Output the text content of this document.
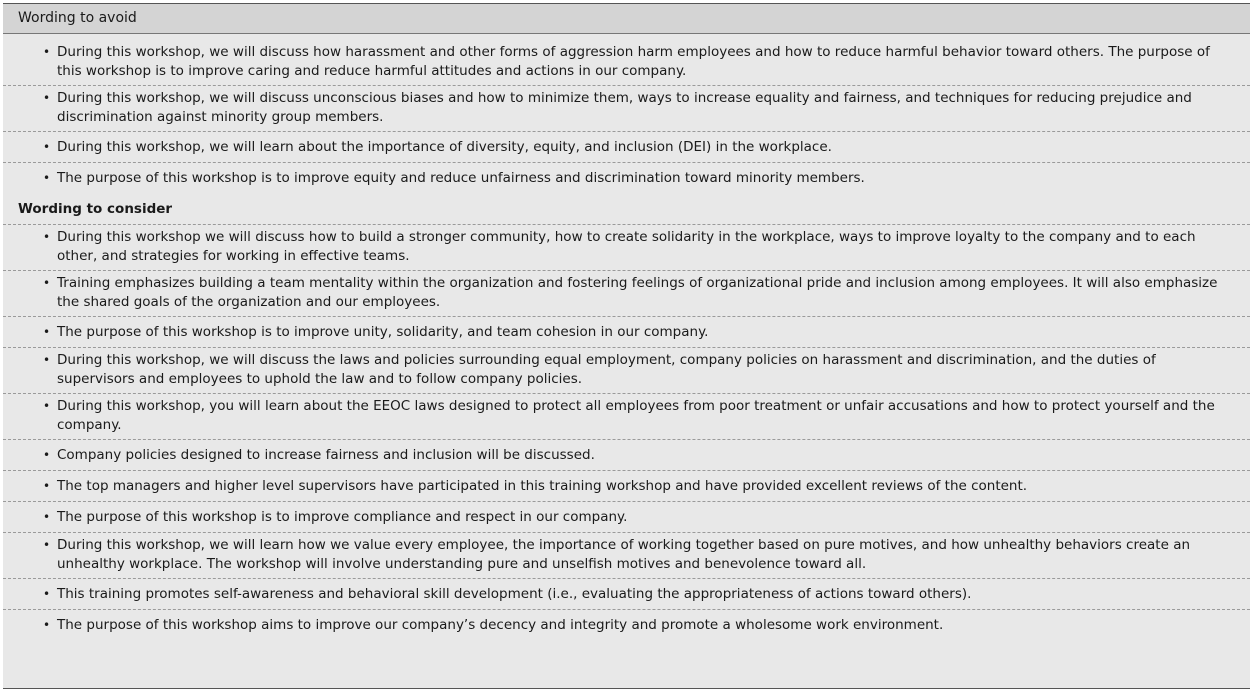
Wording to avoid
• During this workshop, we will discuss how harassment and other forms of aggression harm employees and how to reduce harmful behavior toward others. The purpose of this workshop is to improve caring and reduce harmful attitudes and actions in our company.
• During this workshop, we will discuss unconscious biases and how to minimize them, ways to increase equality and fairness, and techniques for reducing prejudice and discrimination against minority group members.
• During this workshop, we will learn about the importance of diversity, equity, and inclusion (DEI) in the workplace.
• The purpose of this workshop is to improve equity and reduce unfairness and discrimination toward minority members.
Wording to consider
• During this workshop we will discuss how to build a stronger community, how to create solidarity in the workplace, ways to improve loyalty to the company and to each other, and strategies for working in effective teams.
• Training emphasizes building a team mentality within the organization and fostering feelings of organizational pride and inclusion among employees. It will also emphasize the shared goals of the organization and our employees.
• The purpose of this workshop is to improve unity, solidarity, and team cohesion in our company.
• During this workshop, we will discuss the laws and policies surrounding equal employment, company policies on harassment and discrimination, and the duties of supervisors and employees to uphold the law and to follow company policies.
• During this workshop, you will learn about the EEOC laws designed to protect all employees from poor treatment or unfair accusations and how to protect yourself and the company.
• Company policies designed to increase fairness and inclusion will be discussed.
• The top managers and higher level supervisors have participated in this training workshop and have provided excellent reviews of the content.
• The purpose of this workshop is to improve compliance and respect in our company.
• During this workshop, we will learn how we value every employee, the importance of working together based on pure motives, and how unhealthy behaviors create an unhealthy workplace. The workshop will involve understanding pure and unselfish motives and benevolence toward all.
• This training promotes self-awareness and behavioral skill development (i.e., evaluating the appropriateness of actions toward others).
• The purpose of this workshop aims to improve our company’s decency and integrity and promote a wholesome work environment.
